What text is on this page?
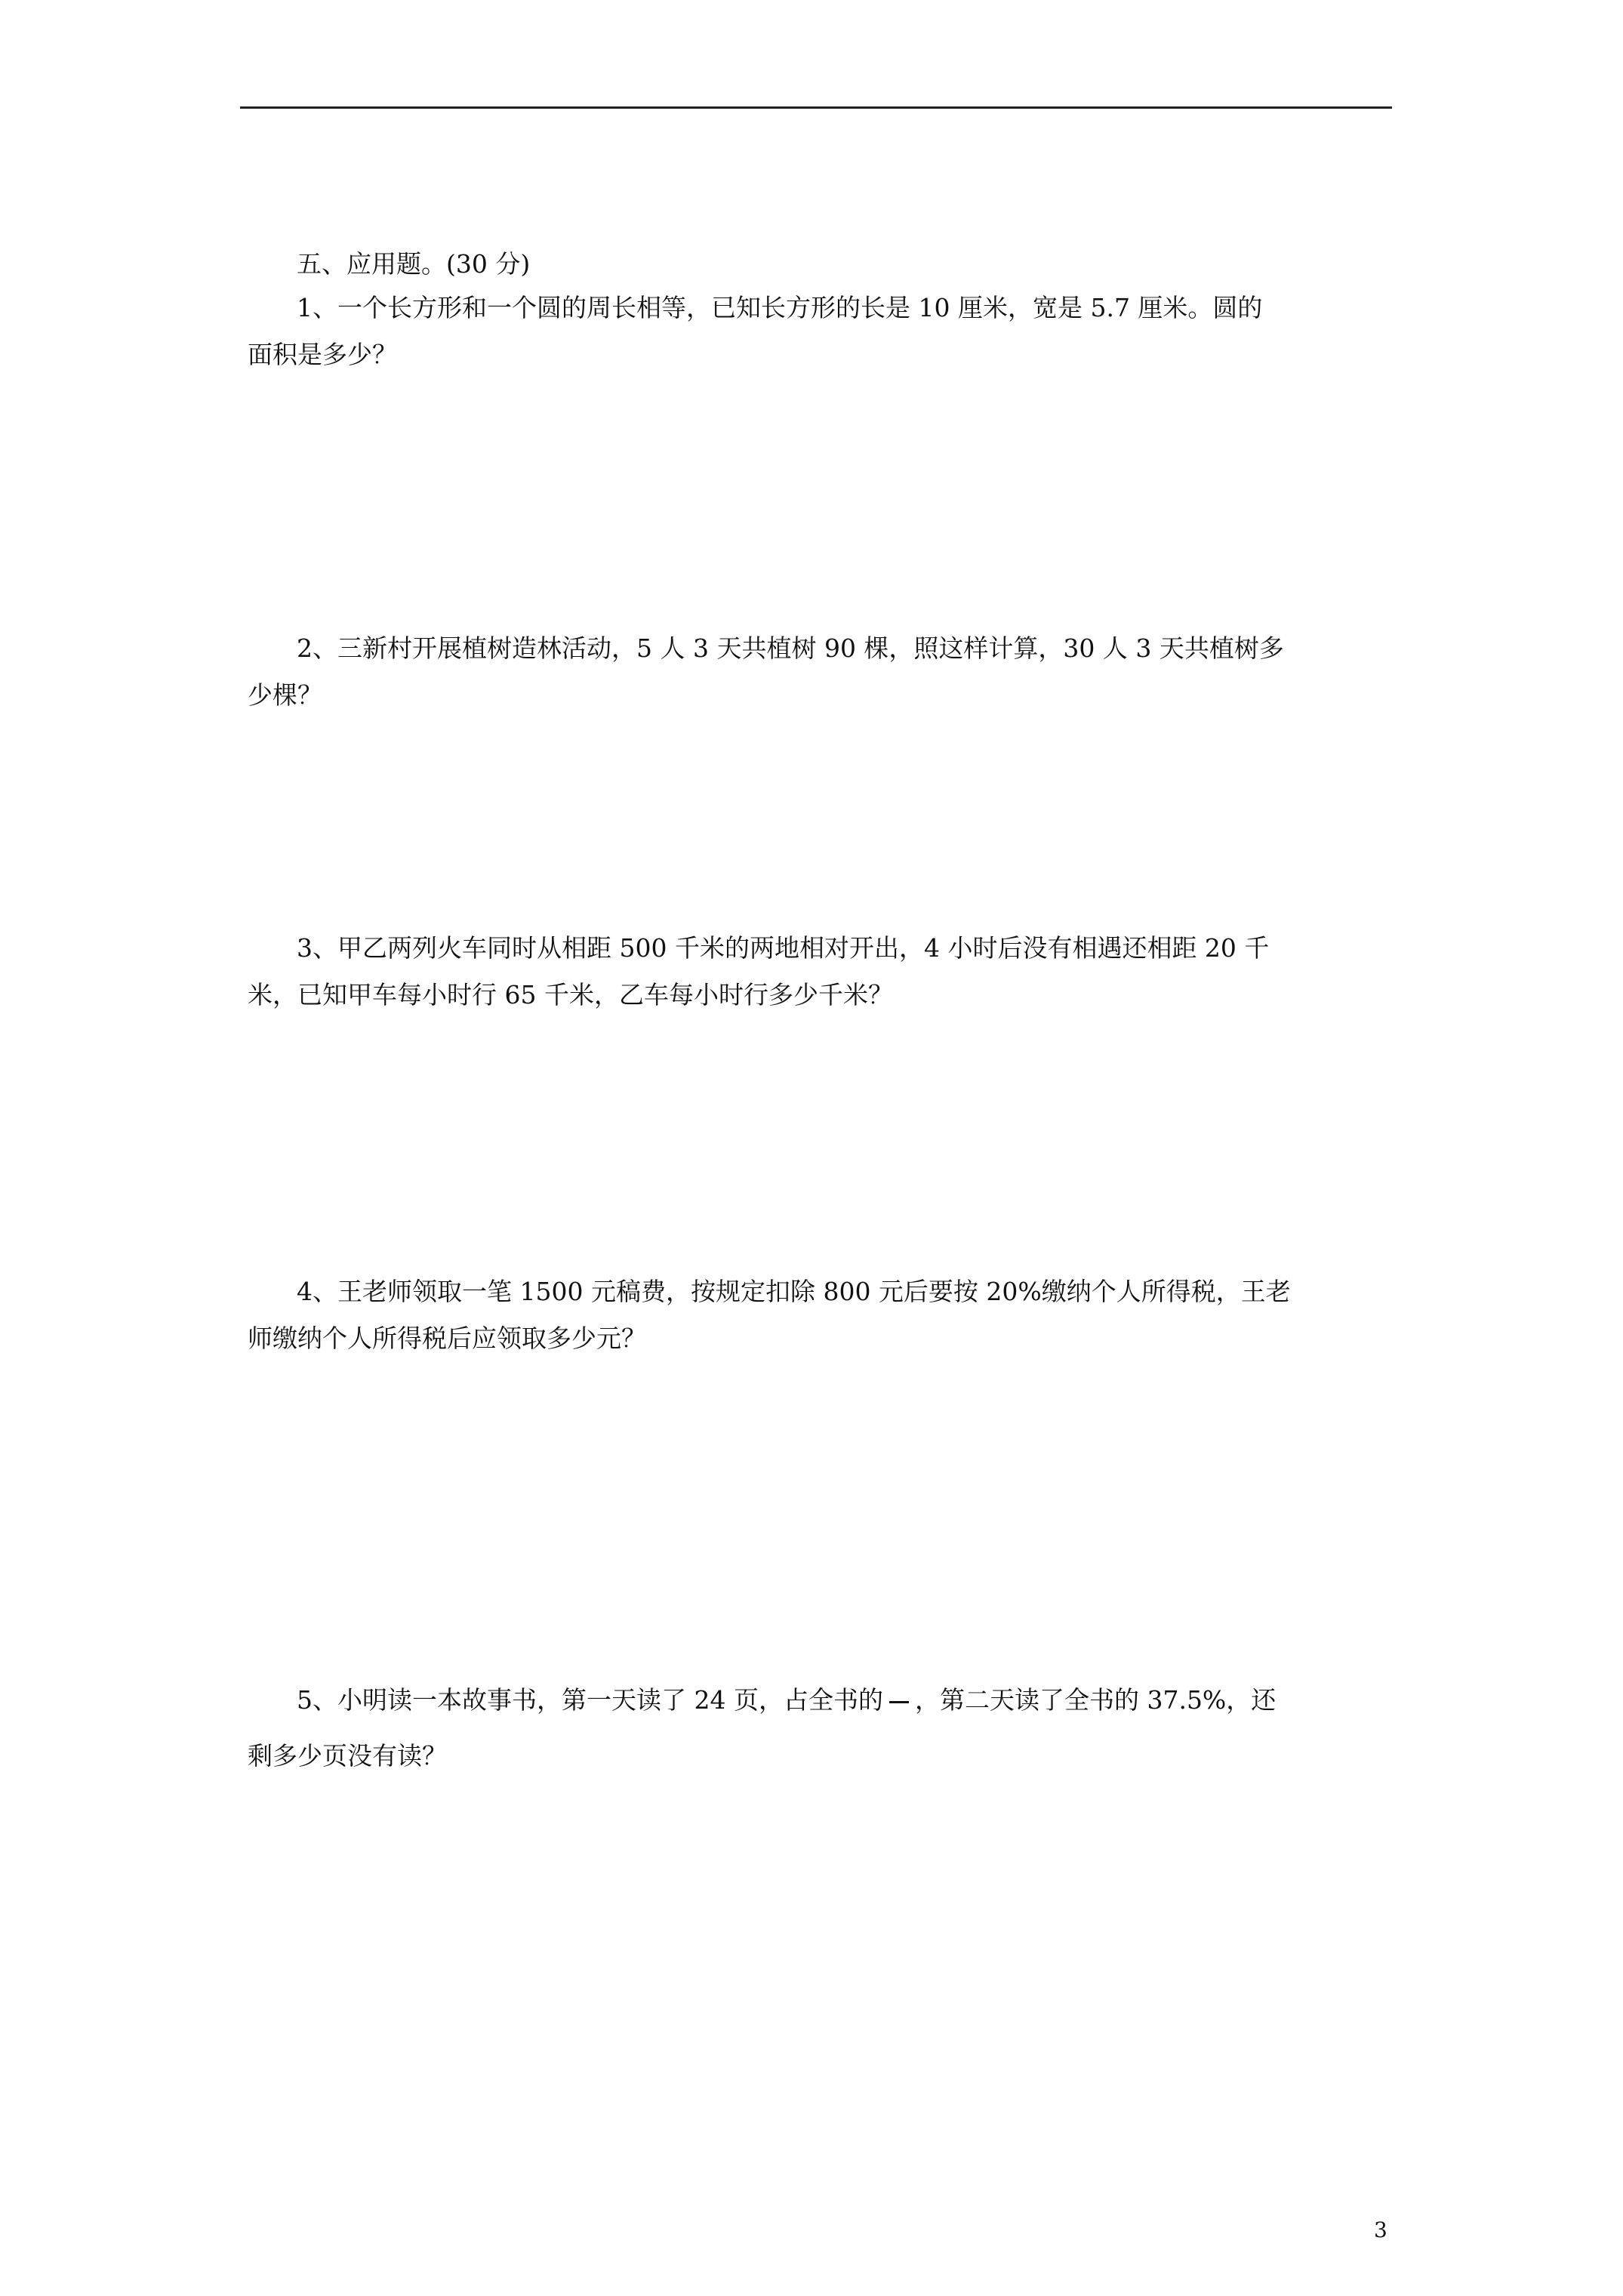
五、应用题。(30 分)

1、一个长方形和一个圆的周长相等，已知长方形的长是 10 厘米，宽是 5.7 厘米。圆的

面积是多少？

2、三新村开展植树造林活动，5 人 3 天共植树 90 棵，照这样计算，30 人 3 天共植树多

少棵？

3、甲乙两列火车同时从相距 500 千米的两地相对开出，4 小时后没有相遇还相距 20 千

米，已知甲车每小时行 65 千米，乙车每小时行多少千米？

4、王老师领取一笔 1500 元稿费，按规定扣除 800 元后要按 20%缴纳个人所得税，王老

师缴纳个人所得税后应领取多少元？

5、小明读一本故事书，第一天读了 24 页，占全书的 ，第二天读了全书的 37.5%，还

剩多少页没有读？

3
